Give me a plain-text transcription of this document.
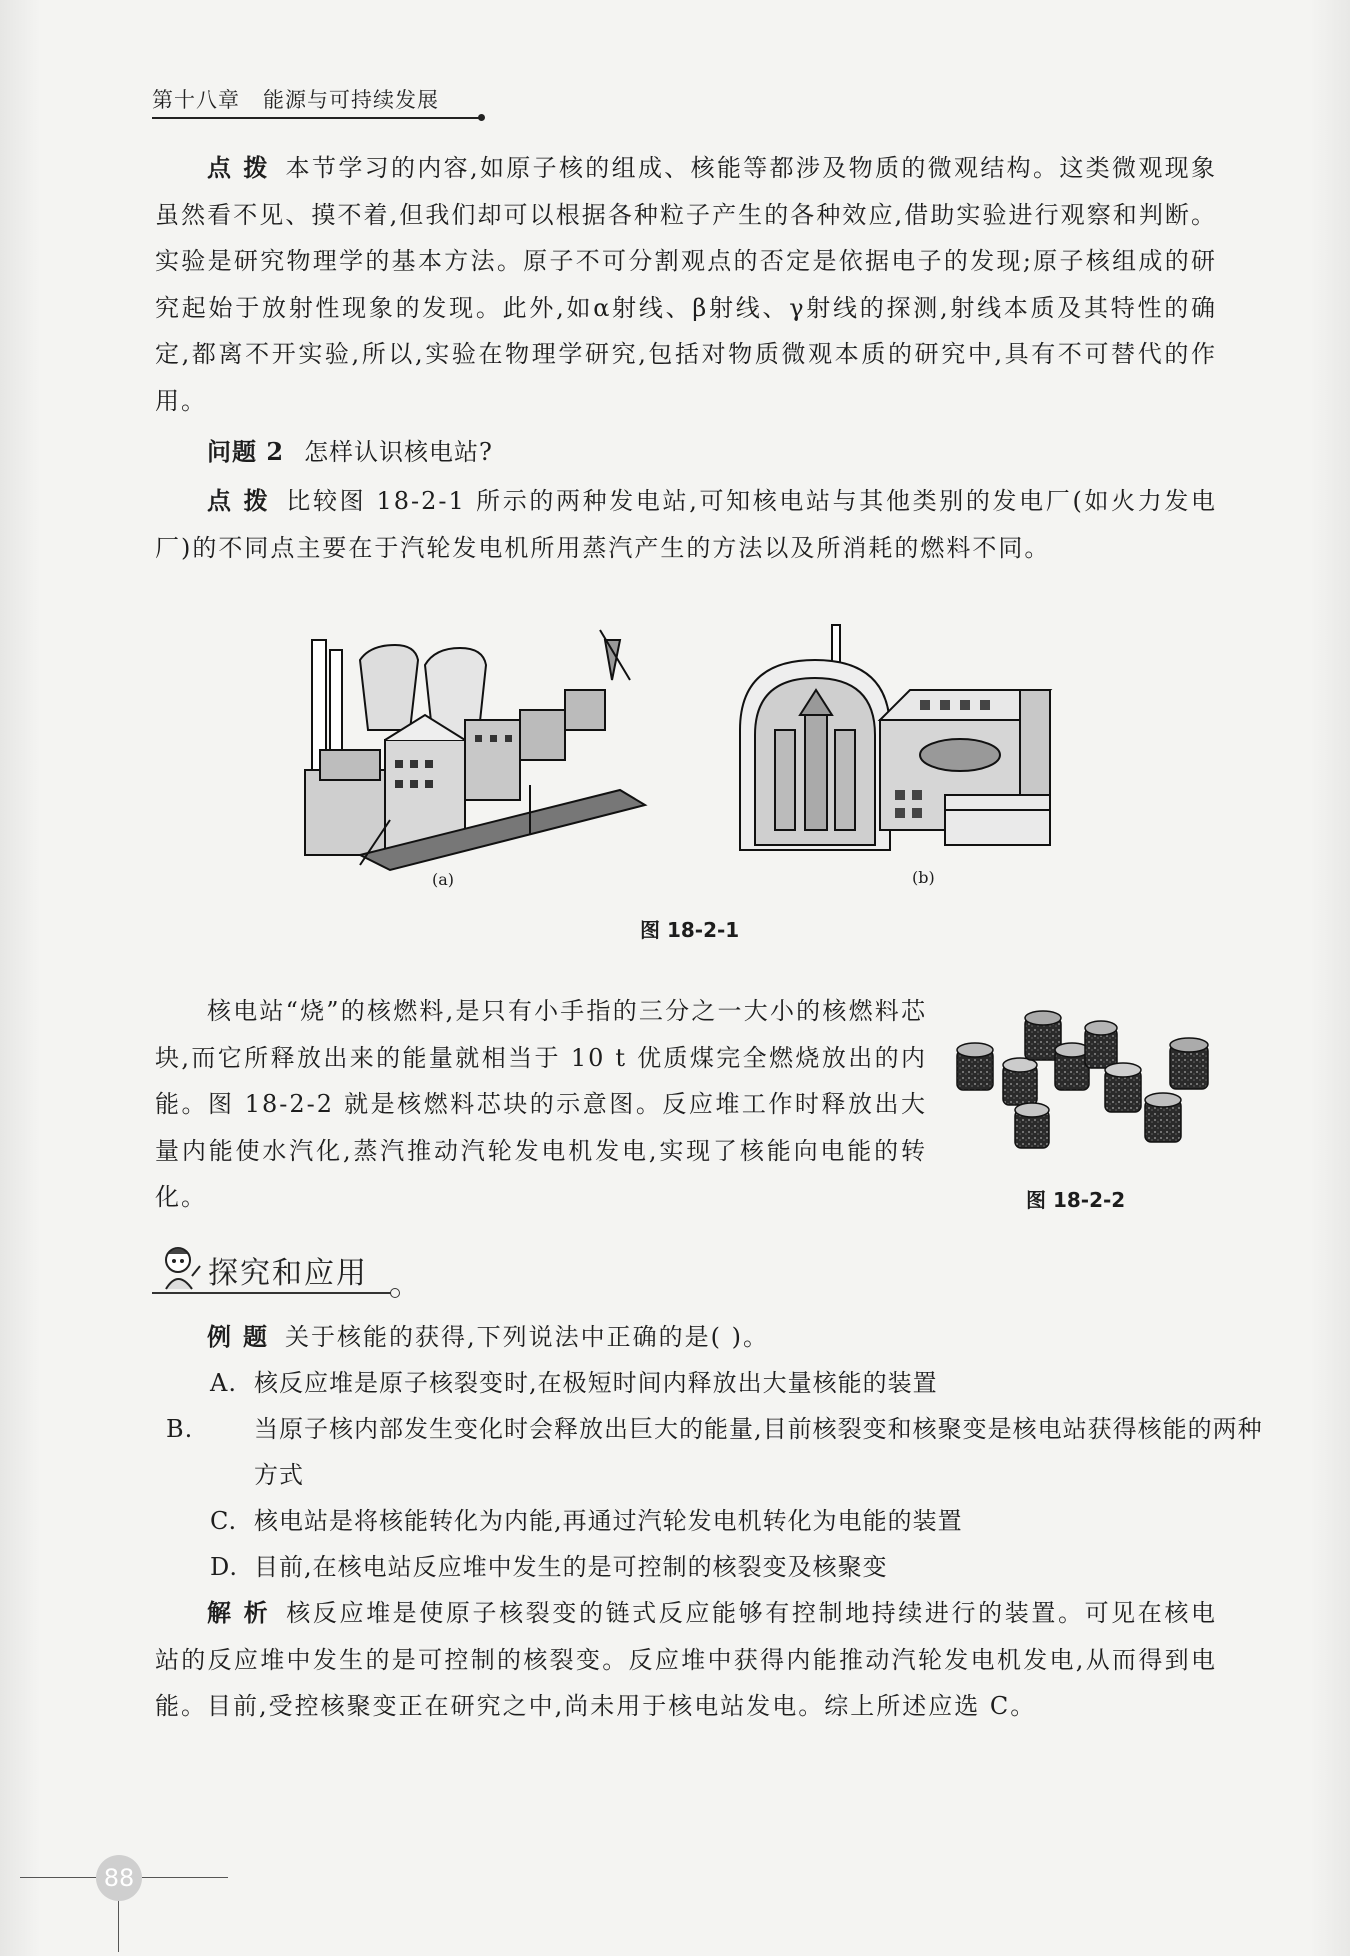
第十八章 能源与可持续发展

点拨 本节学习的内容,如原子核的组成、核能等都涉及物质的微观结构。这类微观现象虽然看不见、摸不着,但我们却可以根据各种粒子产生的各种效应,借助实验进行观察和判断。实验是研究物理学的基本方法。原子不可分割观点的否定是依据电子的发现;原子核组成的研究起始于放射性现象的发现。此外,如α射线、β射线、γ射线的探测,射线本质及其特性的确定,都离不开实验,所以,实验在物理学研究,包括对物质微观本质的研究中,具有不可替代的作用。

问题 2 怎样认识核电站?

点拨 比较图 18-2-1 所示的两种发电站,可知核电站与其他类别的发电厂(如火力发电厂)的不同点主要在于汽轮发电机所用蒸汽产生的方法以及所消耗的燃料不同。

(a)	(b)
图 18-2-1

核电站“烧”的核燃料,是只有小手指的三分之一大小的核燃料芯块,而它所释放出来的能量就相当于 10 t 优质煤完全燃烧放出的内能。图 18-2-2 就是核燃料芯块的示意图。反应堆工作时释放出大量内能使水汽化,蒸汽推动汽轮发电机发电,实现了核能向电能的转化。	图 18-2-2
探究和应用

例题 关于核能的获得,下列说法中正确的是( )。

A. 核反应堆是原子核裂变时,在极短时间内释放出大量核能的装置

B.	当原子核内部发生变化时会释放出巨大的能量,目前核裂变和核聚变是核电站获得核能的两种方式

C. 核电站是将核能转化为内能,再通过汽轮发电机转化为电能的装置

D. 目前,在核电站反应堆中发生的是可控制的核裂变及核聚变

解析 核反应堆是使原子核裂变的链式反应能够有控制地持续进行的装置。可见在核电站的反应堆中发生的是可控制的核裂变。反应堆中获得内能推动汽轮发电机发电,从而得到电能。目前,受控核聚变正在研究之中,尚未用于核电站发电。综上所述应选 C。

88
